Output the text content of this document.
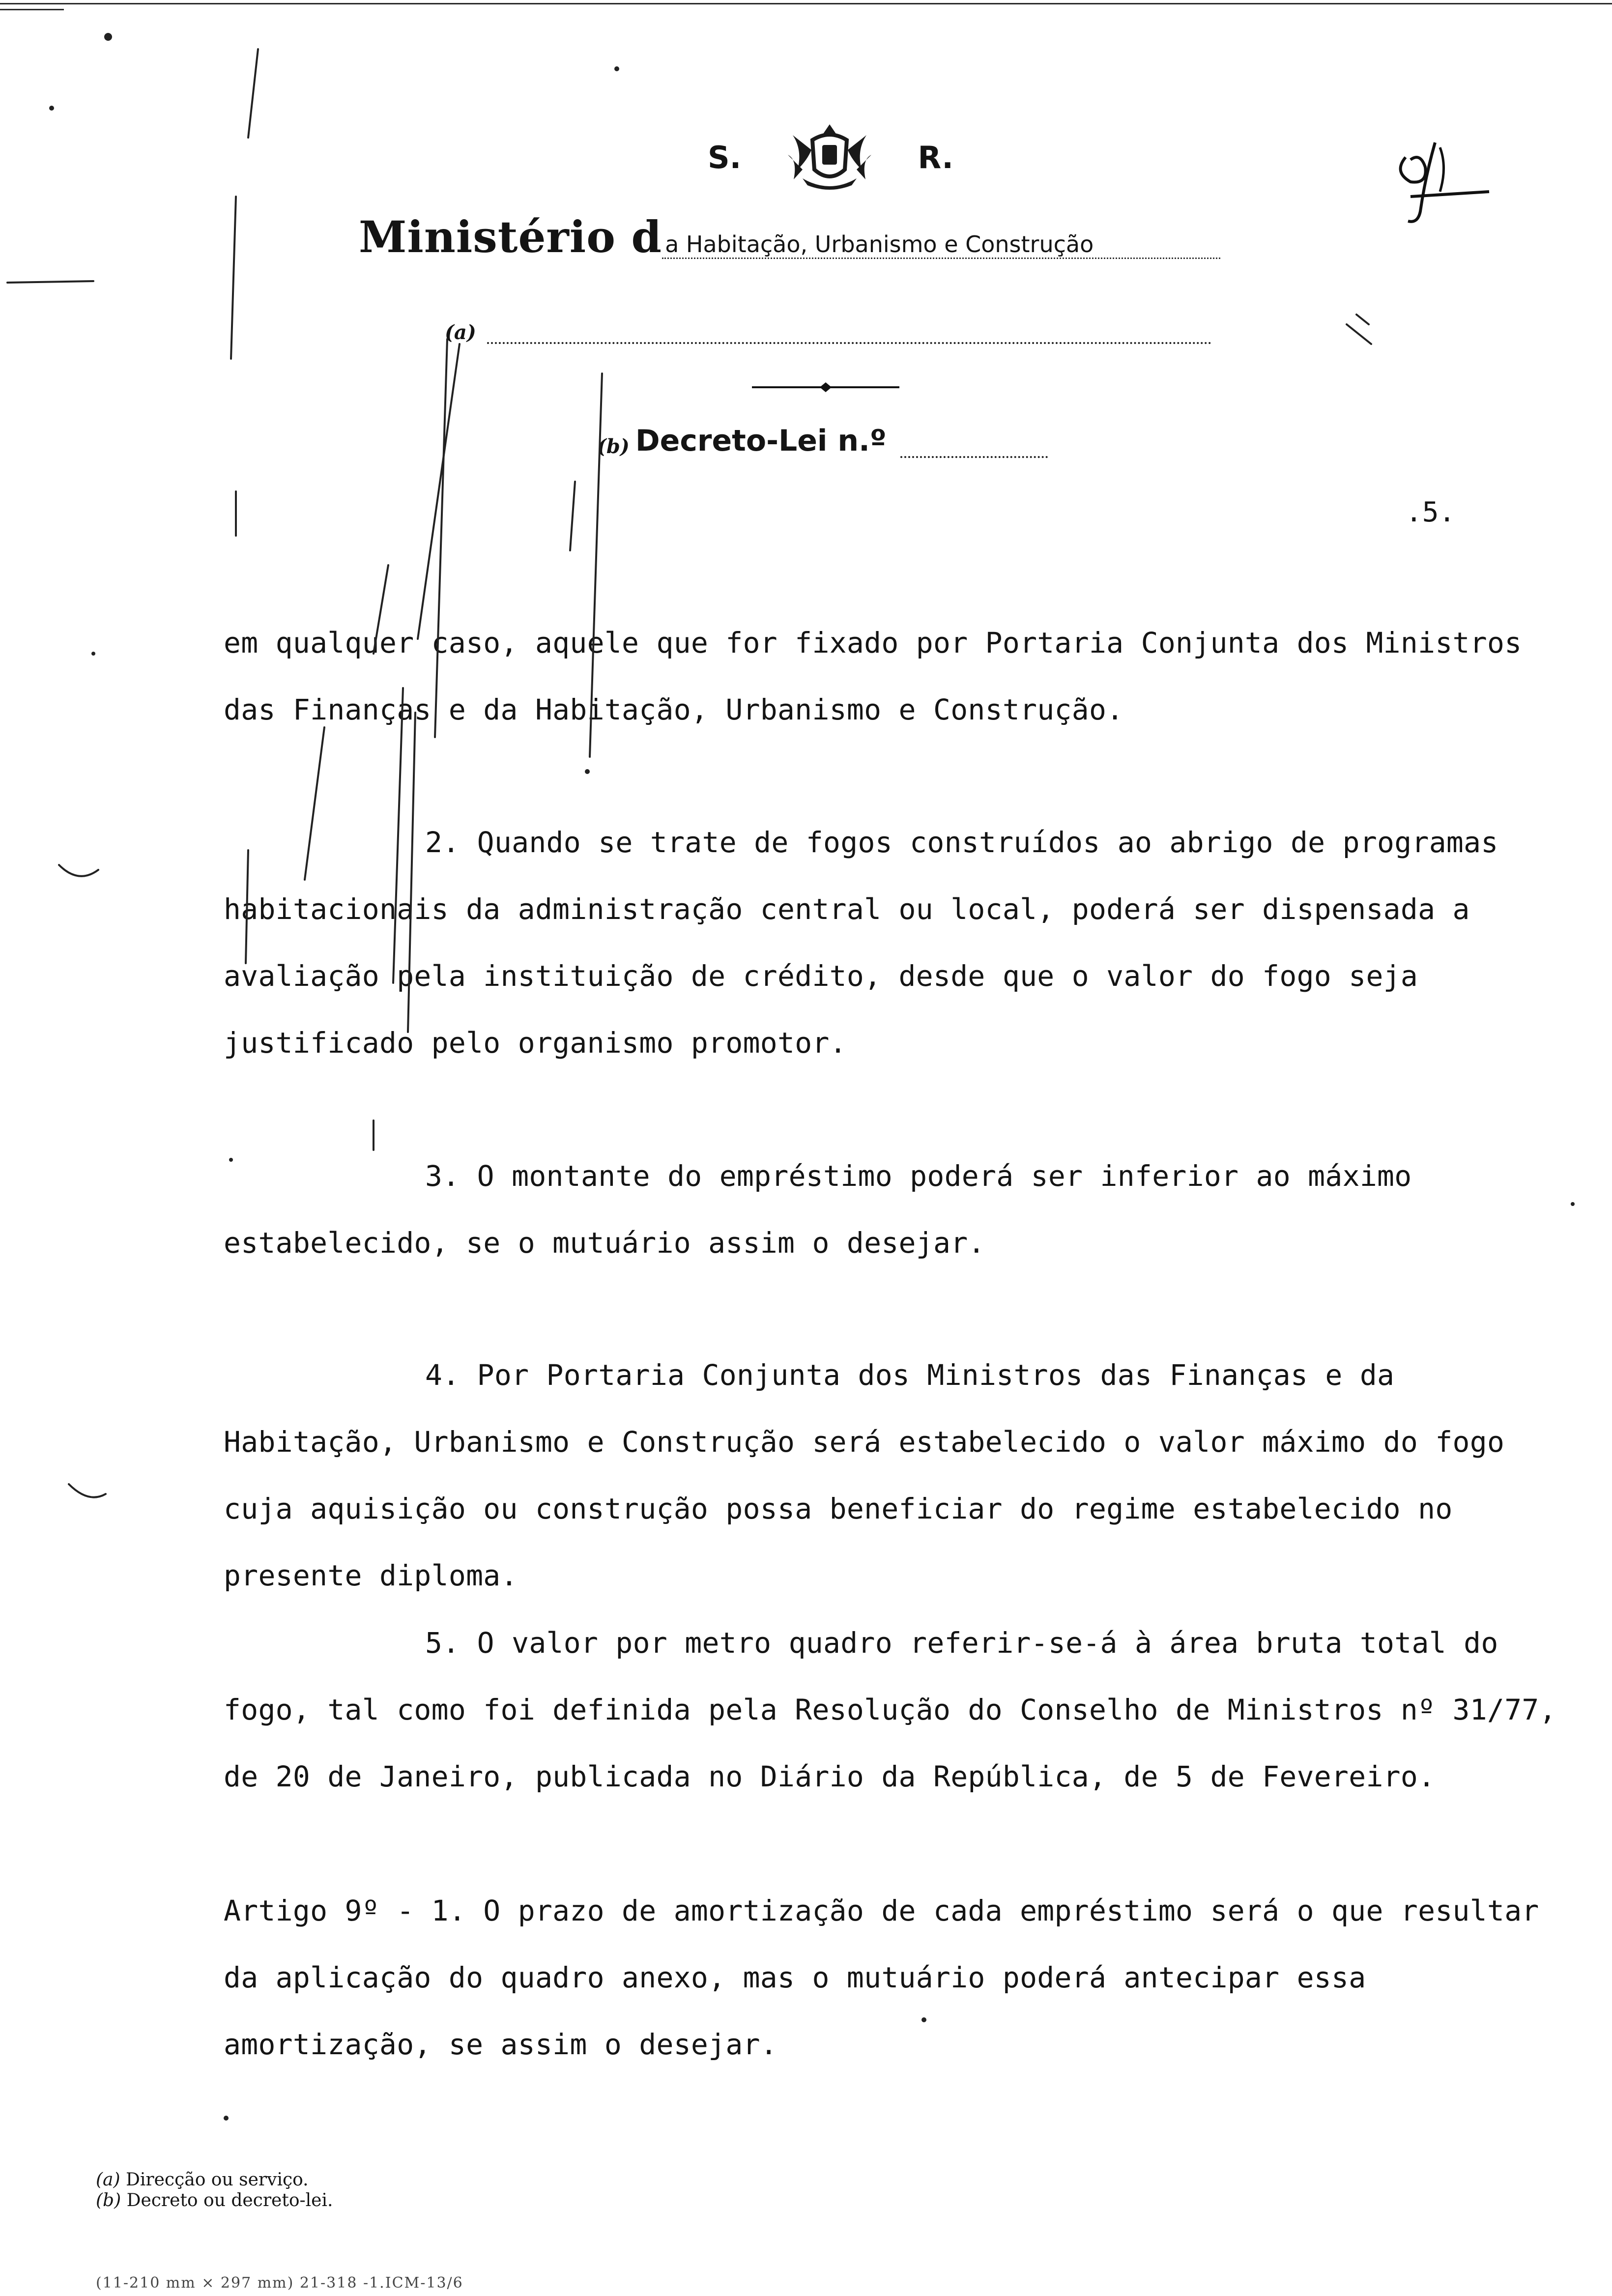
S.	R.
Ministério d a Habitação, Urbanismo e Construção
(a)
(b) Decreto-Lei n.º
.5.
em qualquer caso, aquele que for fixado por Portaria Conjunta dos Ministros das Finanças e da Habitação, Urbanismo e Construção.
2. Quando se trate de fogos construídos ao abrigo de programas habitacionais da administração central ou local, poderá ser dispensada a avaliação pela instituição de crédito, desde que o valor do fogo seja justificado pelo organismo promotor.
3. O montante do empréstimo poderá ser inferior ao máximo estabelecido, se o mutuário assim o desejar.
4. Por Portaria Conjunta dos Ministros das Finanças e da Habitação, Urbanismo e Construção será estabelecido o valor máximo do fogo cuja aquisição ou construção possa beneficiar do regime estabelecido no presente diploma.
5. O valor por metro quadro referir-se-á à área bruta total do fogo, tal como foi definida pela Resolução do Conselho de Ministros nº 31/77, de 20 de Janeiro, publicada no Diário da República, de 5 de Fevereiro.
Artigo 9º - 1. O prazo de amortização de cada empréstimo será o que resultar da aplicação do quadro anexo, mas o mutuário poderá antecipar essa amortização, se assim o desejar.
(a) Direcção ou serviço.
(b) Decreto ou decreto-lei.
(11-210 mm × 297 mm) 21-318 -1.ICM-13/6
